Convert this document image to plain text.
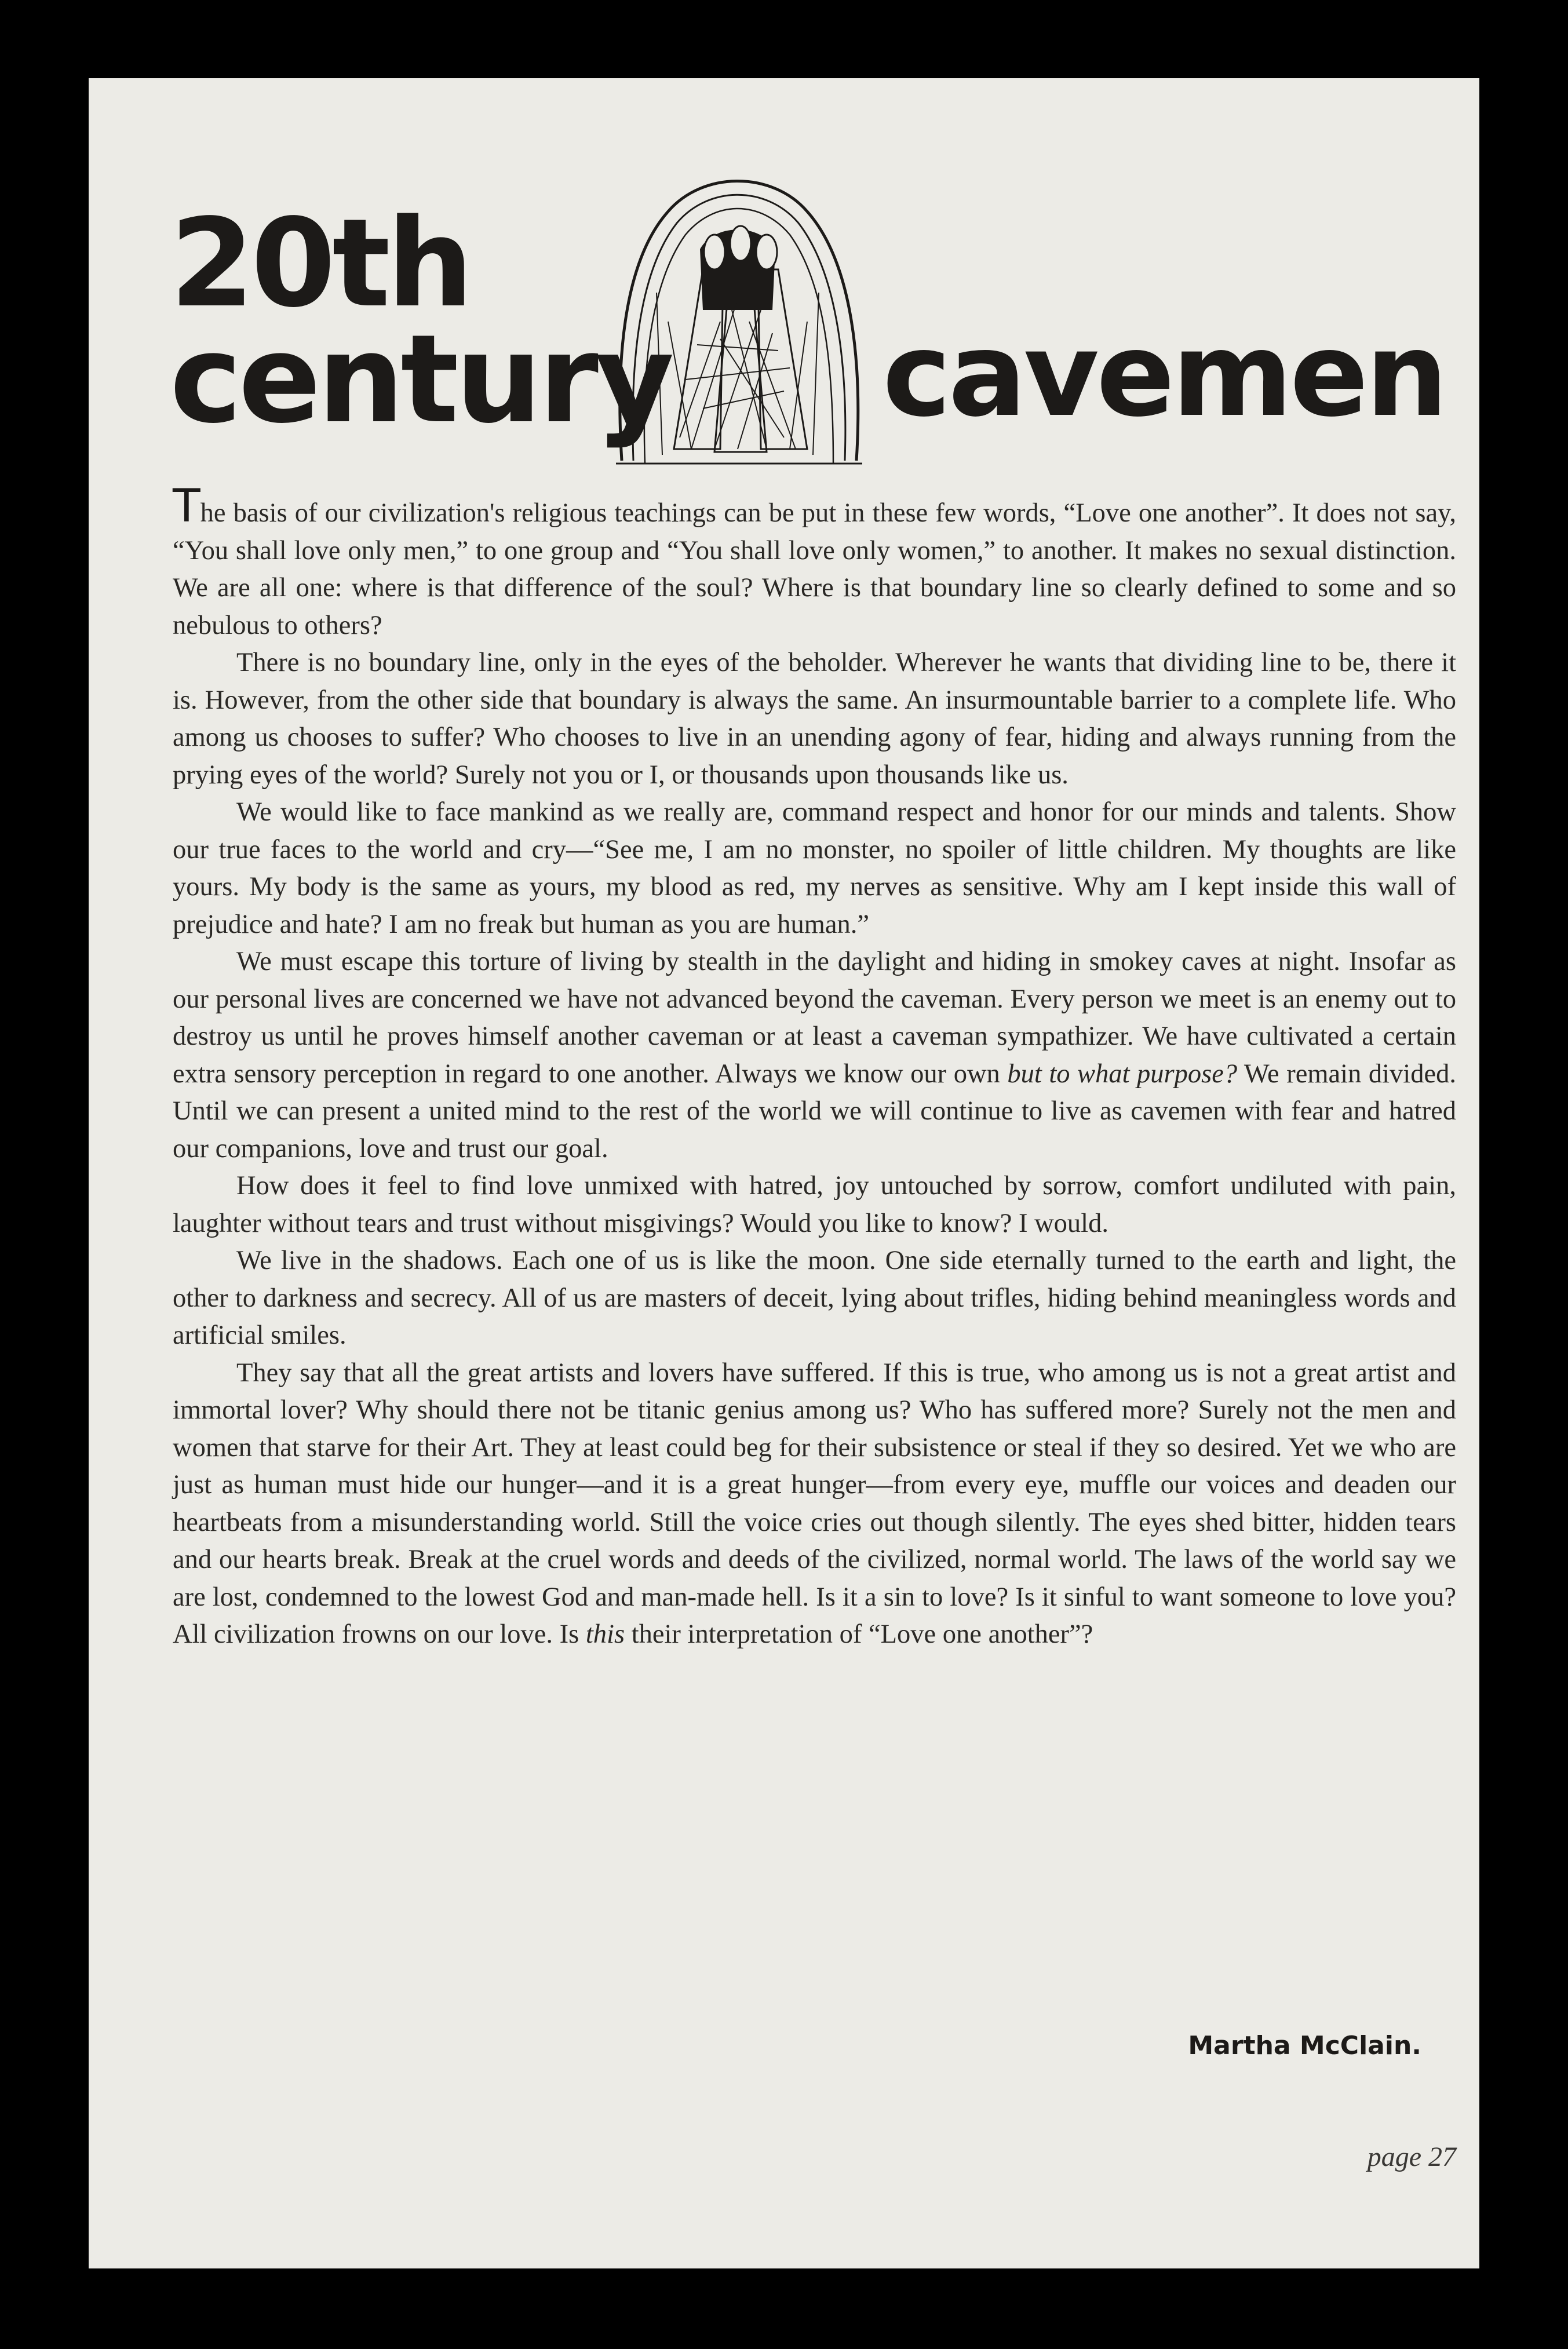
20th
century cavemen

The basis of our civilization's religious teachings can be put in these few words, “Love one another”. It does not say, “You shall love only men,” to one group and “You shall love only women,” to another. It makes no sexual distinction. We are all one: where is that difference of the soul? Where is that boundary line so clearly defined to some and so nebulous to others?

There is no boundary line, only in the eyes of the beholder. Wherever he wants that dividing line to be, there it is. However, from the other side that boundary is always the same. An insurmountable barrier to a complete life. Who among us chooses to suffer? Who chooses to live in an unending agony of fear, hiding and always running from the prying eyes of the world? Surely not you or I, or thousands upon thousands like us.

We would like to face mankind as we really are, command respect and honor for our minds and talents. Show our true faces to the world and cry—“See me, I am no monster, no spoiler of little children. My thoughts are like yours. My body is the same as yours, my blood as red, my nerves as sensitive. Why am I kept inside this wall of prejudice and hate? I am no freak but human as you are human.”

We must escape this torture of living by stealth in the daylight and hiding in smokey caves at night. Insofar as our personal lives are concerned we have not advanced beyond the caveman. Every person we meet is an enemy out to destroy us until he proves himself another caveman or at least a caveman sympathizer. We have cultivated a certain extra sensory perception in regard to one another. Always we know our own but to what purpose? We remain divided. Until we can present a united mind to the rest of the world we will continue to live as cavemen with fear and hatred our companions, love and trust our goal.

How does it feel to find love unmixed with hatred, joy untouched by sorrow, comfort undiluted with pain, laughter without tears and trust without misgivings? Would you like to know? I would.

We live in the shadows. Each one of us is like the moon. One side eternally turned to the earth and light, the other to darkness and secrecy. All of us are masters of deceit, lying about trifles, hiding behind meaningless words and artificial smiles.

They say that all the great artists and lovers have suffered. If this is true, who among us is not a great artist and immortal lover? Why should there not be titanic genius among us? Who has suffered more? Surely not the men and women that starve for their Art. They at least could beg for their subsistence or steal if they so desired. Yet we who are just as human must hide our hunger—and it is a great hunger—from every eye, muffle our voices and deaden our heartbeats from a misunderstanding world. Still the voice cries out though silently. The eyes shed bitter, hidden tears and our hearts break. Break at the cruel words and deeds of the civilized, normal world. The laws of the world say we are lost, condemned to the lowest God and man-made hell. Is it a sin to love? Is it sinful to want someone to love you? All civilization frowns on our love. Is this their interpretation of “Love one another”?

Martha McClain.
page 27
